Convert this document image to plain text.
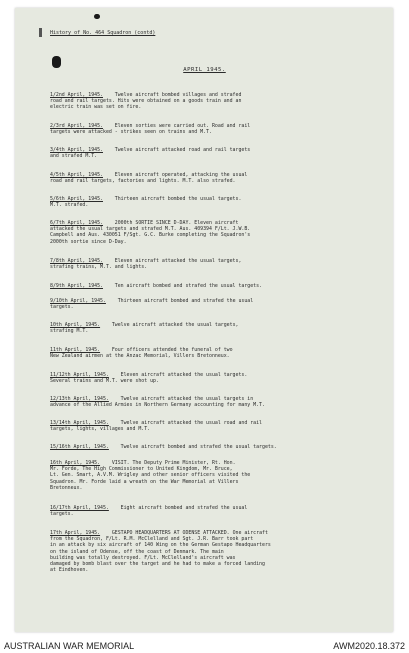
History of No. 464 Squadron (contd)
APRIL 1945.
1/2nd April, 1945. Twelve aircraft bombed villages and strafed
road and rail targets. Hits were obtained on a goods train and an
electric train was set on fire.
2/3rd April, 1945. Eleven sorties were carried out. Road and rail
targets were attacked - strikes seen on trains and M.T.
3/4th April, 1945. Twelve aircraft attacked road and rail targets
and strafed M.T.
4/5th April, 1945. Eleven aircraft operated, attacking the usual
road and rail targets, factories and lights. M.T. also strafed.
5/6th April, 1945. Thirteen aircraft bombed the usual targets.
M.T. strafed.
6/7th April, 1945. 2000th SORTIE SINCE D-DAY. Eleven aircraft
attacked the usual targets and strafed M.T. Aus. 409394 F/Lt. J.W.B.
Campbell and Aus. 430051 F/Sgt. G.C. Burke completing the Squadron's
2000th sortie since D-Day.
7/8th April, 1945. Eleven aircraft attacked the usual targets,
strafing trains, M.T. and lights.
8/9th April, 1945. Ten aircraft bombed and strafed the usual targets.
9/10th April, 1945. Thirteen aircraft bombed and strafed the usual
targets.
10th April, 1945. Twelve aircraft attacked the usual targets,
strafing M.T.
11th April, 1945. Four officers attended the funeral of two
New Zealand airmen at the Anzac Memorial, Villers Bretonneux.
11/12th April, 1945. Eleven aircraft attacked the usual targets.
Several trains and M.T. were shot up.
12/13th April, 1945. Twelve aircraft attacked the usual targets in
advance of the Allied Armies in Northern Germany accounting for many M.T.
13/14th April, 1945. Twelve aircraft attacked the usual road and rail
targets, lights, villages and M.T.
15/16th April, 1945. Twelve aircraft bombed and strafed the usual targets.
16th April, 1945. VISIT. The Deputy Prime Minister, Rt. Hon.
Mr. Forde, The High Commissioner to United Kingdom, Mr. Bruce,
Lt. Gen. Smart, A.V.M. Wrigley and other senior officers visited the
Squadron. Mr. Forde laid a wreath on the War Memorial at Villers
Bretonneux.
16/17th April, 1945. Eight aircraft bombed and strafed the usual
targets.
17th April, 1945. GESTAPO HEADQUARTERS AT ODENSE ATTACKED. One aircraft
from the Squadron, F/Lt. R.M. McClelland and Sgt. J.R. Barr took part
in an attack by six aircraft of 140 Wing on the German Gestapo Headquarters
on the island of Odense, off the coast of Denmark. The main
building was totally destroyed. F/Lt. McClelland's aircraft was
damaged by bomb blast over the target and he had to make a forced landing
at Eindhoven.
AUSTRALIAN WAR MEMORIAL	AWM2020.18.372
